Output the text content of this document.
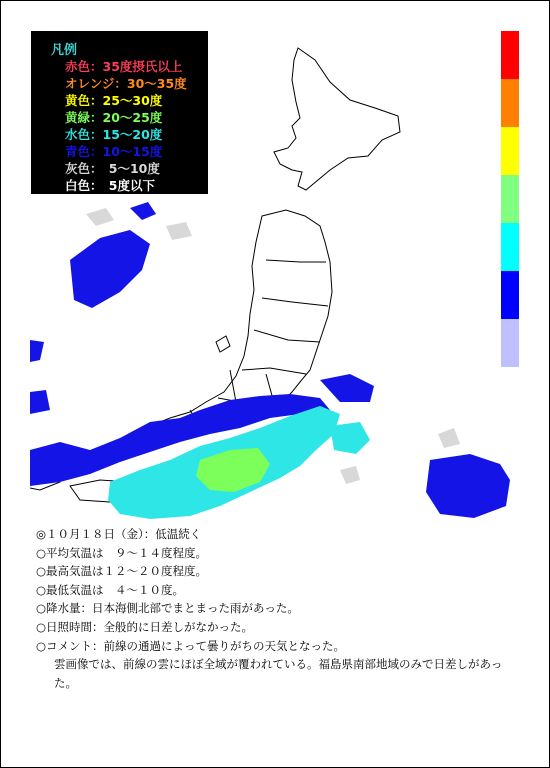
凡例
赤色：35度摂氏以上
オレンジ：30〜35度
黄色：25〜30度
黄緑：20〜25度
水色：15〜20度
青色：10〜15度
灰色：　5〜10度
白色：　5度以下
◎１０月１８日（金）：低温続く
○平均気温は　９〜１４度程度。
○最高気温は１２〜２０度程度。
○最低気温は　４〜１０度。
○降水量：日本海側北部でまとまった雨があった。
○日照時間：全般的に日差しがなかった。
○コメント：前線の通過によって曇りがちの天気となった。
雲画像では、前線の雲にほぼ全域が覆われている。福島県南部地域のみで日差しがあった。
